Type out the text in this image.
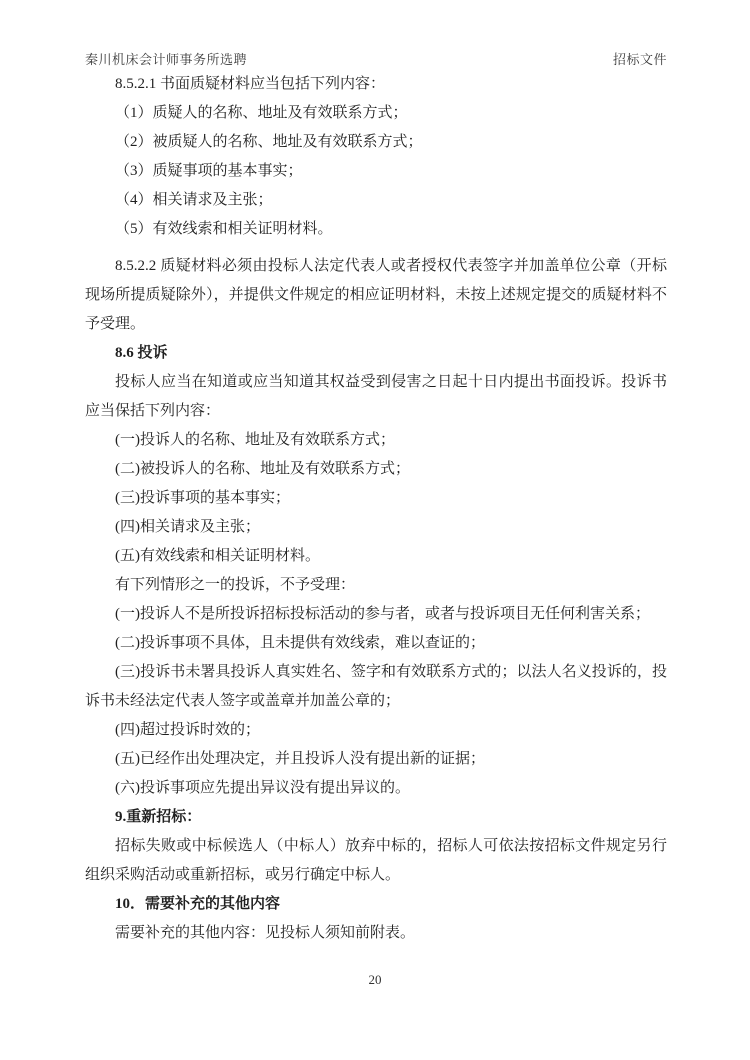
秦川机床会计师事务所选聘	招标文件

8.5.2.1 书面质疑材料应当包括下列内容：

（1）质疑人的名称、地址及有效联系方式；

（2）被质疑人的名称、地址及有效联系方式；

（3）质疑事项的基本事实；

（4）相关请求及主张；

（5）有效线索和相关证明材料。

8.5.2.2 质疑材料必须由投标人法定代表人或者授权代表签字并加盖单位公章（开标现场所提质疑除外），并提供文件规定的相应证明材料，未按上述规定提交的质疑材料不予受理。

8.6 投诉

投标人应当在知道或应当知道其权益受到侵害之日起十日内提出书面投诉。投诉书应当保括下列内容：

(一)投诉人的名称、地址及有效联系方式；

(二)被投诉人的名称、地址及有效联系方式；

(三)投诉事项的基本事实；

(四)相关请求及主张；

(五)有效线索和相关证明材料。

有下列情形之一的投诉，不予受理：

(一)投诉人不是所投诉招标投标活动的参与者，或者与投诉项目无任何利害关系；

(二)投诉事项不具体，且未提供有效线索，难以查证的；

(三)投诉书未署具投诉人真实姓名、签字和有效联系方式的；以法人名义投诉的，投诉书未经法定代表人签字或盖章并加盖公章的；

(四)超过投诉时效的；

(五)已经作出处理决定，并且投诉人没有提出新的证据；

(六)投诉事项应先提出异议没有提出异议的。

9.重新招标：

招标失败或中标候选人（中标人）放弃中标的，招标人可依法按招标文件规定另行组织采购活动或重新招标，或另行确定中标人。

10．需要补充的其他内容

需要补充的其他内容：见投标人须知前附表。

20
